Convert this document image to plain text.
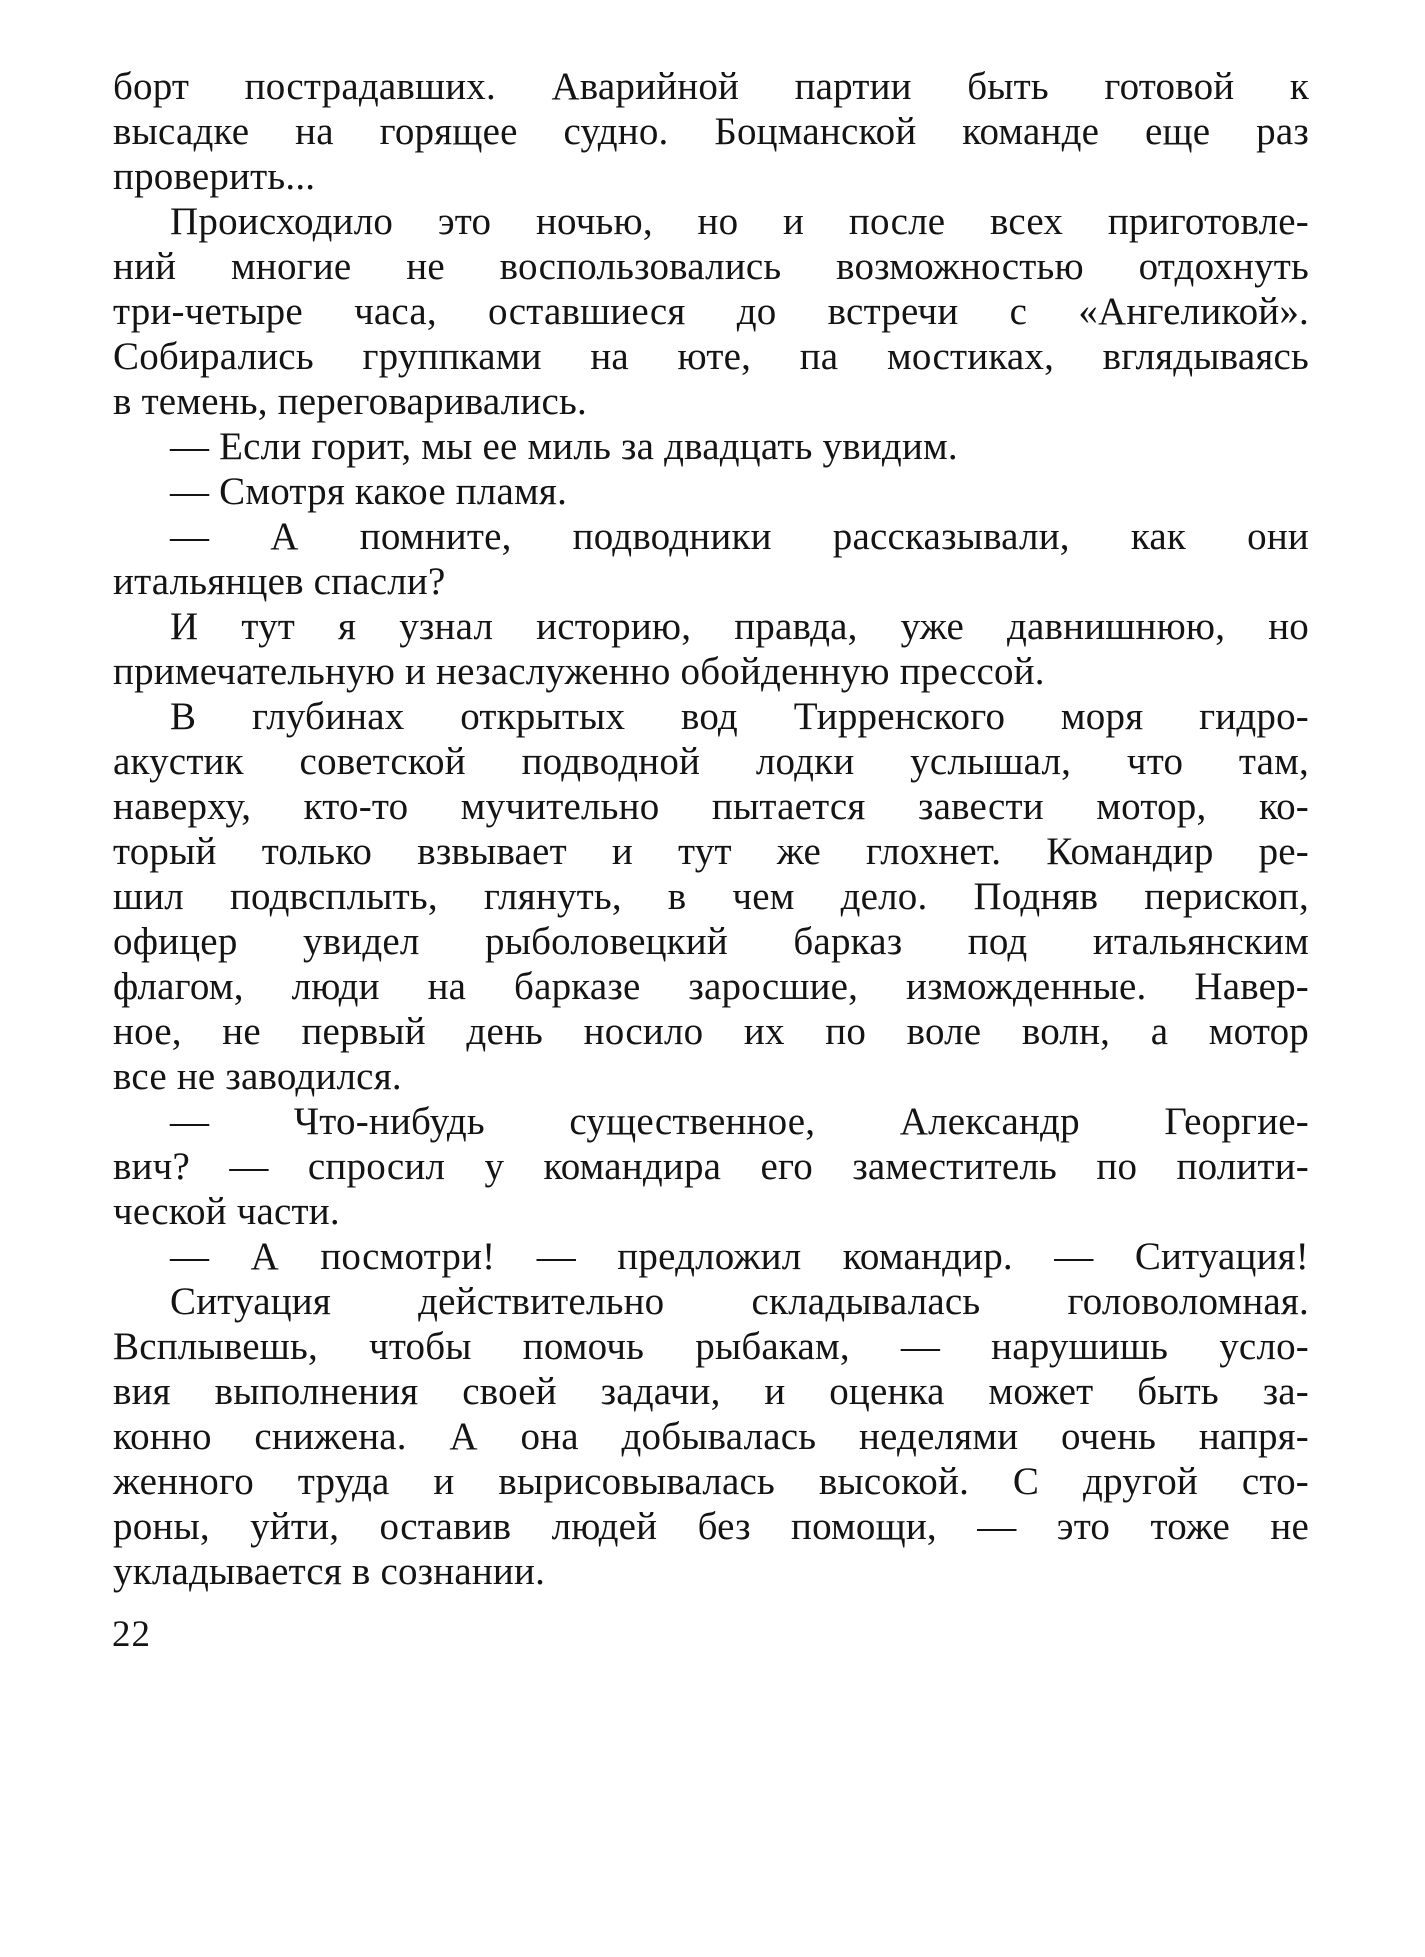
борт пострадавших. Аварийной партии быть готовой к
высадке на горящее судно. Боцманской команде еще раз
проверить...
Происходило это ночью, но и после всех приготовле-
ний многие не воспользовались возможностью отдохнуть
три-четыре часа, оставшиеся до встречи с «Ангеликой».
Собирались группками на юте, па мостиках, вглядываясь
в темень, переговаривались.
— Если горит, мы ее миль за двадцать увидим.
— Смотря какое пламя.
— А помните, подводники рассказывали, как они
итальянцев спасли?
И тут я узнал историю, правда, уже давнишнюю, но
примечательную и незаслуженно обойденную прессой.
В глубинах открытых вод Тирренского моря гидро-
акустик советской подводной лодки услышал, что там,
наверху, кто-то мучительно пытается завести мотор, ко-
торый только взвывает и тут же глохнет. Командир ре-
шил подвсплыть, глянуть, в чем дело. Подняв перископ,
офицер увидел рыболовецкий барказ под итальянским
флагом, люди на барказе заросшие, изможденные. Навер-
ное, не первый день носило их по воле волн, а мотор
все не заводился.
— Что-нибудь существенное, Александр Георгие-
вич? — спросил у командира его заместитель по полити-
ческой части.
— А посмотри! — предложил командир. — Ситуация!
Ситуация действительно складывалась головоломная.
Всплывешь, чтобы помочь рыбакам, — нарушишь усло-
вия выполнения своей задачи, и оценка может быть за-
конно снижена. А она добывалась неделями очень напря-
женного труда и вырисовывалась высокой. С другой сто-
роны, уйти, оставив людей без помощи, — это тоже не
укладывается в сознании.
22
